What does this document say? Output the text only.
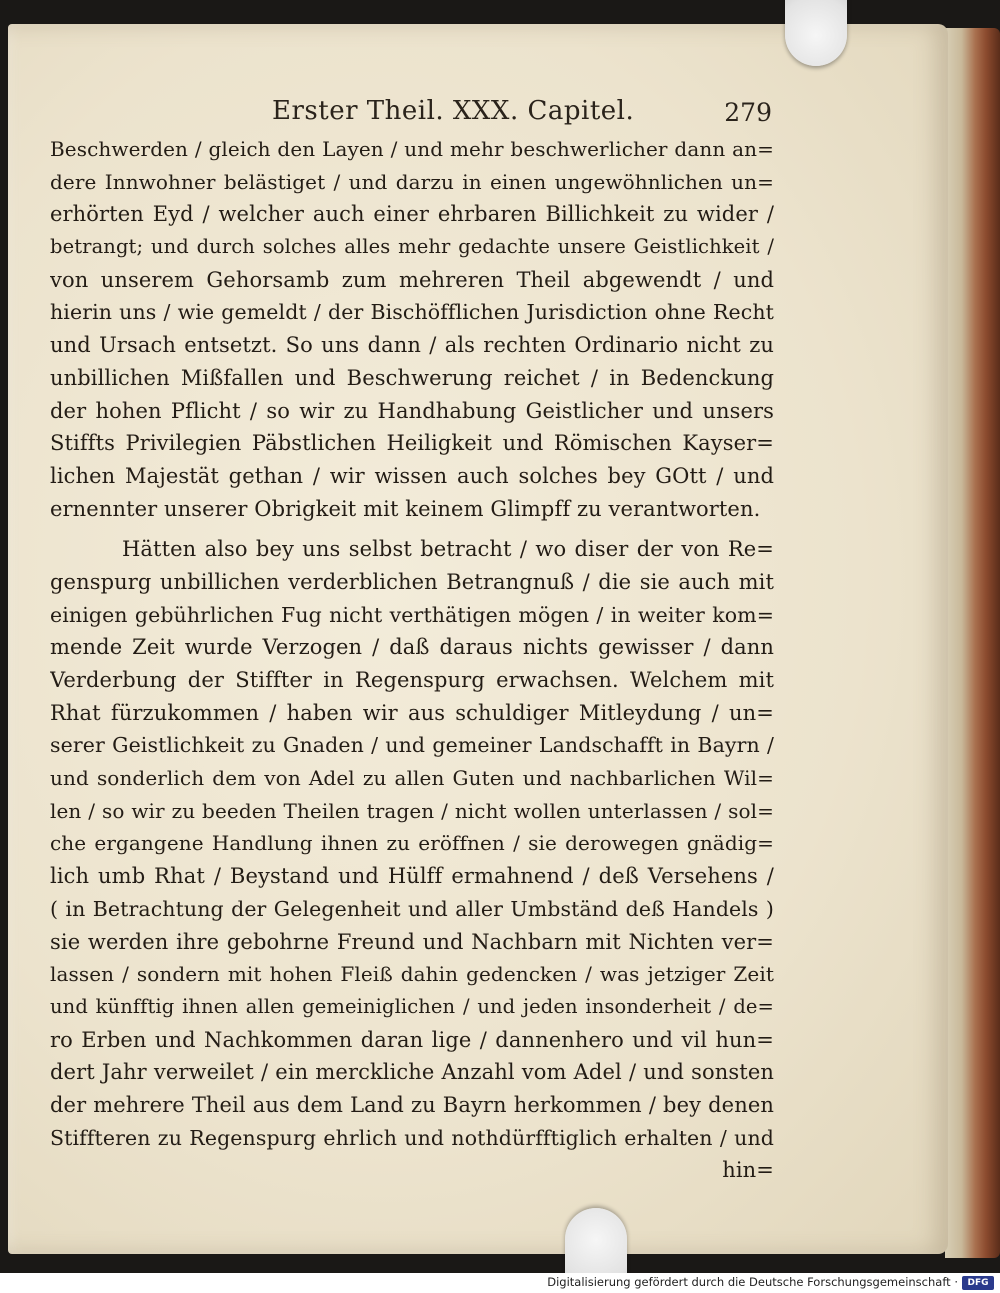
Erster Theil. XXX. Capitel.	279
Beschwerden / gleich den Layen / und mehr beschwerlicher dann an=
dere Innwohner belästiget / und darzu in einen ungewöhnlichen un=
erhörten Eyd / welcher auch einer ehrbaren Billichkeit zu wider /
betrangt; und durch solches alles mehr gedachte unsere Geistlichkeit /
von unserem Gehorsamb zum mehreren Theil abgewendt / und
hierin uns / wie gemeldt / der Bischöfflichen Jurisdiction ohne Recht
und Ursach entsetzt. So uns dann / als rechten Ordinario nicht zu
unbillichen Mißfallen und Beschwerung reichet / in Bedenckung
der hohen Pflicht / so wir zu Handhabung Geistlicher und unsers
Stiffts Privilegien Päbstlichen Heiligkeit und Römischen Kayser=
lichen Majestät gethan / wir wissen auch solches bey GOtt / und
ernennter unserer Obrigkeit mit keinem Glimpff zu verantworten.
Hätten also bey uns selbst betracht / wo diser der von Re=
genspurg unbillichen verderblichen Betrangnuß / die sie auch mit
einigen gebührlichen Fug nicht verthätigen mögen / in weiter kom=
mende Zeit wurde Verzogen / daß daraus nichts gewisser / dann
Verderbung der Stiffter in Regenspurg erwachsen. Welchem mit
Rhat fürzukommen / haben wir aus schuldiger Mitleydung / un=
serer Geistlichkeit zu Gnaden / und gemeiner Landschafft in Bayrn /
und sonderlich dem von Adel zu allen Guten und nachbarlichen Wil=
len / so wir zu beeden Theilen tragen / nicht wollen unterlassen / sol=
che ergangene Handlung ihnen zu eröffnen / sie derowegen gnädig=
lich umb Rhat / Beystand und Hülff ermahnend / deß Versehens /
( in Betrachtung der Gelegenheit und aller Umbständ deß Handels )
sie werden ihre gebohrne Freund und Nachbarn mit Nichten ver=
lassen / sondern mit hohen Fleiß dahin gedencken / was jetziger Zeit
und künfftig ihnen allen gemeiniglichen / und jeden insonderheit / de=
ro Erben und Nachkommen daran lige / dannenhero und vil hun=
dert Jahr verweilet / ein merckliche Anzahl vom Adel / und sonsten
der mehrere Theil aus dem Land zu Bayrn herkommen / bey denen
Stiffteren zu Regenspurg ehrlich und nothdürfftiglich erhalten / und
hin=
Digitalisierung gefördert durch die Deutsche Forschungsgemeinschaft ·	DFG
